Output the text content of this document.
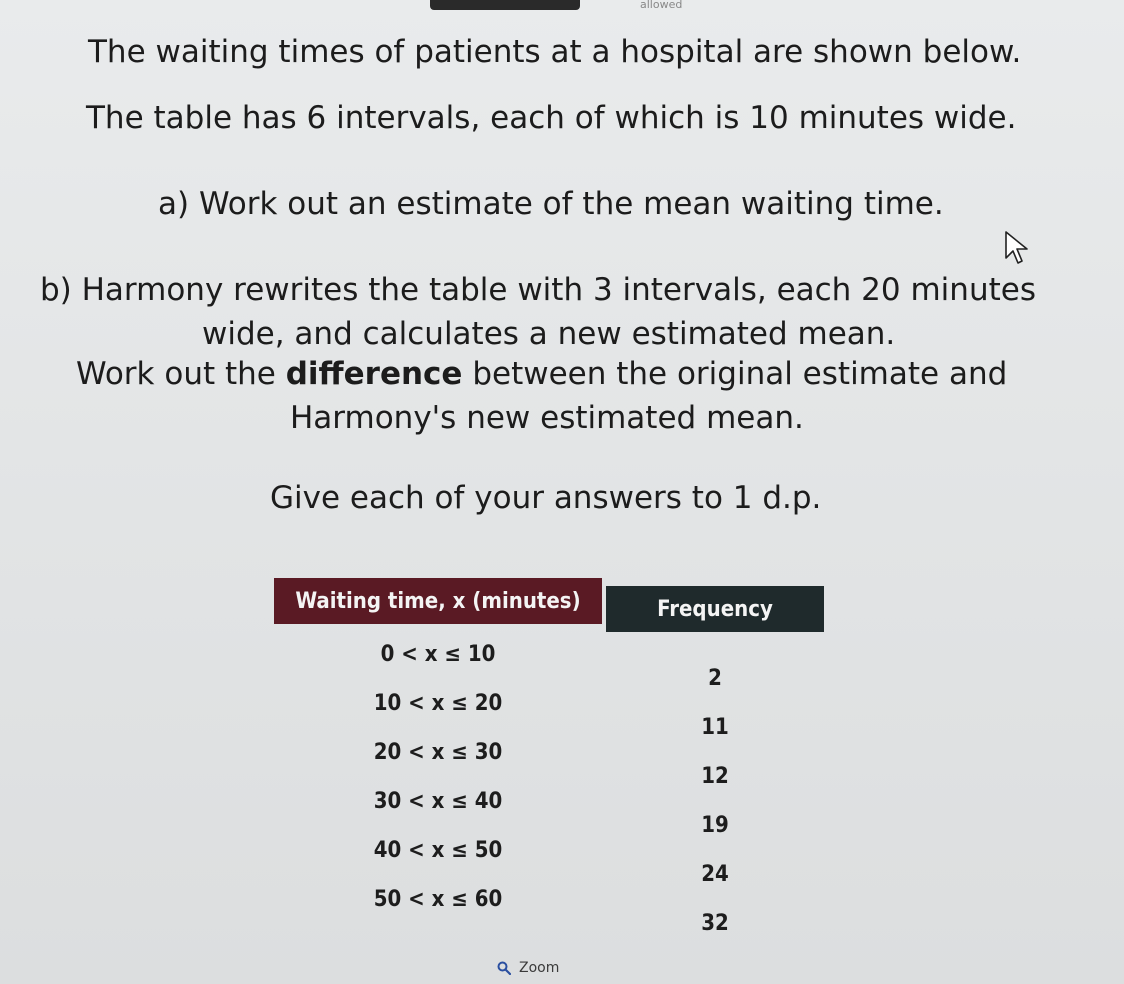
allowed
The waiting times of patients at a hospital are shown below.
The table has 6 intervals, each of which is 10 minutes wide.
a) Work out an estimate of the mean waiting time.
b) Harmony rewrites the table with 3 intervals, each 20 minutes
wide, and calculates a new estimated mean.
Work out the difference between the original estimate and
Harmony's new estimated mean.
Give each of your answers to 1 d.p.
Waiting time, x (minutes)	Frequency
0 < x ≤ 10	2
10 < x ≤ 20	11
20 < x ≤ 30	12
30 < x ≤ 40	19
40 < x ≤ 50	24
50 < x ≤ 60	32
Zoom
